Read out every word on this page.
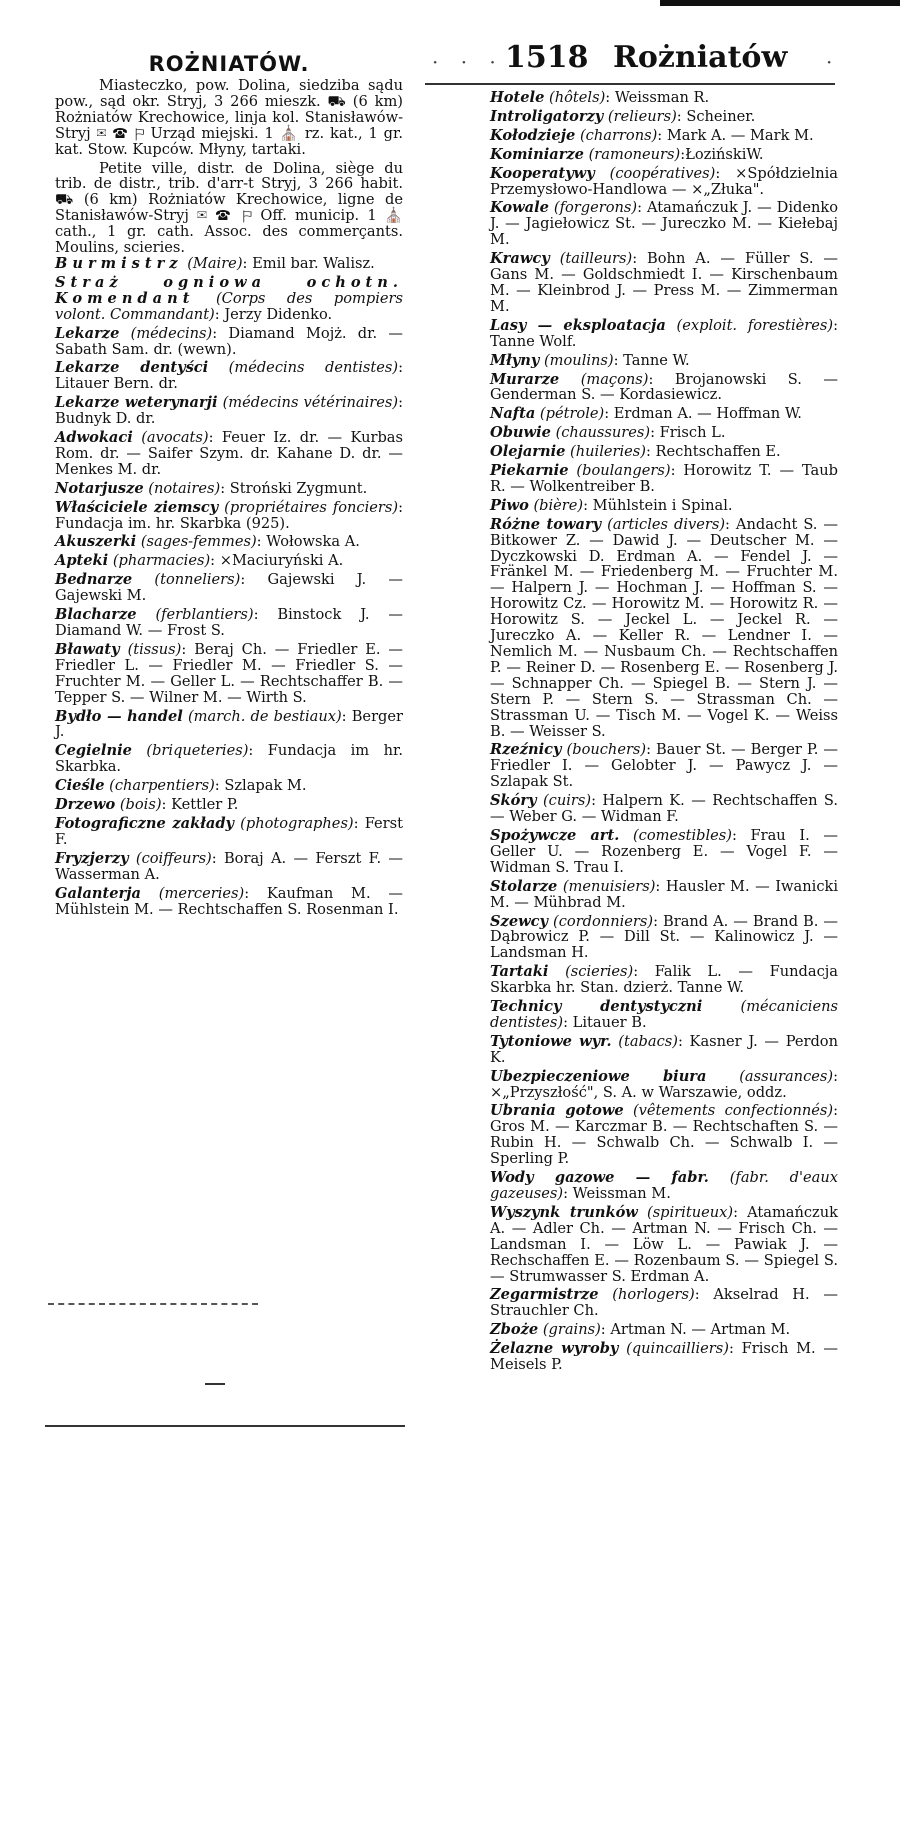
· · · 1518 Rożniatów	·
ROŻNIATÓW.

Miasteczko, pow. Dolina, siedziba sądu pow., sąd okr. Stryj, 3 266 mieszk. ⛟ (6 km) Rożniatów Krechowice, linja kol. Stanisławów-Stryj ✉ ☎ ⚐ Urząd miejski. 1 ⛪ rz. kat., 1 gr. kat. Stow. Kupców. Młyny, tartaki.

Petite ville, distr. de Dolina, siège du trib. de distr., trib. d'arr-t Stryj, 3 266 habit. ⛟ (6 km) Rożniatów Krechowice, ligne de Stanisławów-Stryj ✉ ☎ ⚐ Off. municip. 1 ⛪ cath., 1 gr. cath. Assoc. des commerçants. Moulins, scieries.

Burmistrz (Maire): Emil bar. Walisz.

Straż ogniowa ochotn. Komendant (Corps des pompiers volont. Commandant): Jerzy Didenko.

Lekarze (médecins): Diamand Mojż. dr. — Sabath Sam. dr. (wewn).

Lekarze dentyści (médecins dentistes): Litauer Bern. dr.

Lekarze weterynarji (médecins vétérinaires): Budnyk D. dr.

Adwokaci (avocats): Feuer Iz. dr. — Kurbas Rom. dr. — Saifer Szym. dr. Kahane D. dr. — Menkes M. dr.

Notarjusze (notaires): Stroński Zygmunt.

Właściciele ziemscy (propriétaires fonciers): Fundacja im. hr. Skarbka (925).

Akuszerki (sages-femmes): Wołowska A.

Apteki (pharmacies): ×Maciuryński A.

Bednarze (tonneliers): Gajewski J. — Gajewski M.

Blacharze (ferblantiers): Binstock J. — Diamand W. — Frost S.

Bławaty (tissus): Beraj Ch. — Friedler E. — Friedler L. — Friedler M. — Friedler S. — Fruchter M. — Geller L. — Rechtschaffer B. — Tepper S. — Wilner M. — Wirth S.

Bydło — handel (march. de bestiaux): Berger J.

Cegielnie (briqueteries): Fundacja im hr. Skarbka.

Cieśle (charpentiers): Szlapak M.

Drzewo (bois): Kettler P.

Fotograficzne zakłady (photographes): Ferst F.

Fryzjerzy (coiffeurs): Boraj A. — Ferszt F. — Wasserman A.

Galanterja (merceries): Kaufman M. — Mühlstein M. — Rechtschaffen S. Rosenman I.

Hotele (hôtels): Weissman R.

Introligatorzy (relieurs): Scheiner.

Kołodzieje (charrons): Mark A. — Mark M.

Kominiarze (ramoneurs):ŁozińskiW.

Kooperatywy (coopératives): ×Spółdzielnia Przemysłowo-Handlowa — ×„Złuka".

Kowale (forgerons): Atamańczuk J. — Didenko J. — Jagiełowicz St. — Jureczko M. — Kiełebaj M.

Krawcy (tailleurs): Bohn A. — Füller S. — Gans M. — Goldschmiedt I. — Kirschenbaum M. — Kleinbrod J. — Press M. — Zimmerman M.

Lasy — eksploatacja (exploit. forestières): Tanne Wolf.

Młyny (moulins): Tanne W.

Murarze (maçons): Brojanowski S. — Genderman S. — Kordasiewicz.

Nafta (pétrole): Erdman A. — Hoffman W.

Obuwie (chaussures): Frisch L.

Olejarnie (huileries): Rechtschaffen E.

Piekarnie (boulangers): Horowitz T. — Taub R. — Wolkentreiber B.

Piwo (bière): Mühlstein i Spinal.

Różne towary (articles divers): Andacht S. — Bitkower Z. — Dawid J. — Deutscher M. — Dyczkowski D. Erdman A. — Fendel J. — Fränkel M. — Friedenberg M. — Fruchter M. — Halpern J. — Hochman J. — Hoffman S. — Horowitz Cz. — Horowitz M. — Horowitz R. — Horowitz S. — Jeckel L. — Jeckel R. — Jureczko A. — Keller R. — Lendner I. — Nemlich M. — Nusbaum Ch. — Rechtschaffen P. — Reiner D. — Rosenberg E. — Rosenberg J. — Schnapper Ch. — Spiegel B. — Stern J. — Stern P. — Stern S. — Strassman Ch. — Strassman U. — Tisch M. — Vogel K. — Weiss B. — Weisser S.

Rzeźnicy (bouchers): Bauer St. — Berger P. — Friedler I. — Gelobter J. — Pawycz J. — Szlapak St.

Skóry (cuirs): Halpern K. — Rechtschaffen S. — Weber G. — Widman F.

Spożywcze art. (comestibles): Frau I. — Geller U. — Rozenberg E. — Vogel F. — Widman S. Trau I.

Stolarze (menuisiers): Hausler M. — Iwanicki M. — Mühbrad M.

Szewcy (cordonniers): Brand A. — Brand B. — Dąbrowicz P. — Dill St. — Kalinowicz J. — Landsman H.

Tartaki (scieries): Falik L. — Fundacja Skarbka hr. Stan. dzierż. Tanne W.

Technicy dentystyczni	(mécaniciens dentistes): Litauer B.

Tytoniowe wyr. (tabacs): Kasner J. — Perdon K.

Ubezpieczeniowe biura (assurances): ×„Przyszłość", S. A. w Warszawie, oddz.

Ubrania gotowe (vêtements confectionnés): Gros M. — Karczmar B. — Rechtschaften S. — Rubin H. — Schwalb Ch. — Schwalb I. — Sperling P.

Wody gazowe — fabr. (fabr. d'eaux gazeuses): Weissman M.

Wyszynk trunków (spiritueux): Atamańczuk A. — Adler Ch. — Artman N. — Frisch Ch. — Landsman I. — Löw L. — Pawiak J. — Rechschaffen E. — Rozenbaum S. — Spiegel S. — Strumwasser S. Erdman A.

Zegarmistrze (horlogers): Akselrad H. — Strauchler Ch.

Zboże (grains): Artman N. — Artman M.

Żelazne wyroby (quincailliers): Frisch M. — Meisels P.
